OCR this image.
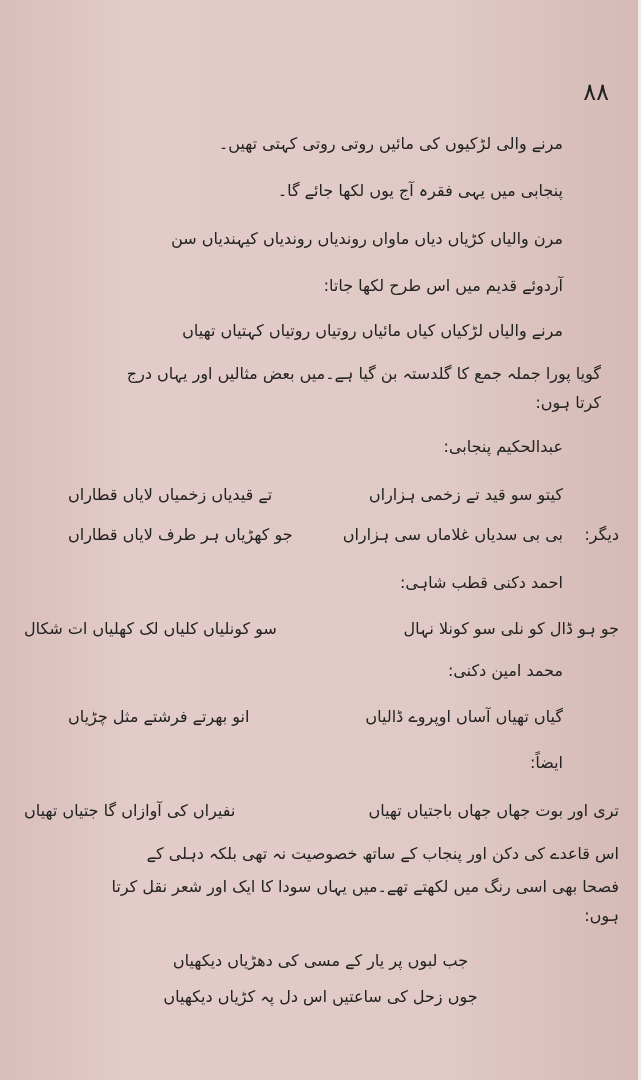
۸۸
مرنے والی لڑکیوں کی مائیں روتی روتی کہتی تھیں۔
پنجابی میں یہی فقرہ آج یوں لکھا جائے گا۔
مرن والیاں کڑیاں دیاں ماواں روندیاں روندیاں کیہندیاں سن
آردوئے قدیم میں اس طرح لکھا جاتا:
مرنے والیاں لڑکیاں کیاں مائیاں روتیاں روتیاں کہتیاں تھیاں
گویا پورا جملہ جمع کا گلدستہ بن گیا ہے۔میں بعض مثالیں اور یہاں درج
کرتا ہوں:
عبدالحکیم پنجابی:
کیتو سو قید تے زخمی ہزاراں
تے قیدیاں زخمیاں لایاں قطاراں
دیگر:
بی بی سدیاں غلاماں سی ہزاراں
جو کھڑیاں ہر طرف لایاں قطاراں
احمد دکنی قطب شاہی:
جو ہو ڈال کو نلی سو کونلا نہال
سو کونلیاں کلیاں لک کھلیاں ات شکال
محمد امین دکنی:
گیاں تھیاں آساں اوپروے ڈالیاں
انو بھرتے فرشتے مثل چڑیاں
ایضاً:
تری اور بوت جھاں جھاں باجتیاں تھیاں
نفیراں کی آوازاں گا جتیاں تھیاں
اس قاعدے کی دکن اور پنجاب کے ساتھ خصوصیت نہ تھی بلکہ دہلی کے
فصحا بھی اسی رنگ میں لکھتے تھے۔میں یہاں سودا کا ایک اور شعر نقل کرتا
ہوں:
جب لبوں پر یار کے مسی کی دھڑیاں دیکھیاں
جوں زحل کی ساعتیں اس دل پہ کڑیاں دیکھیاں
